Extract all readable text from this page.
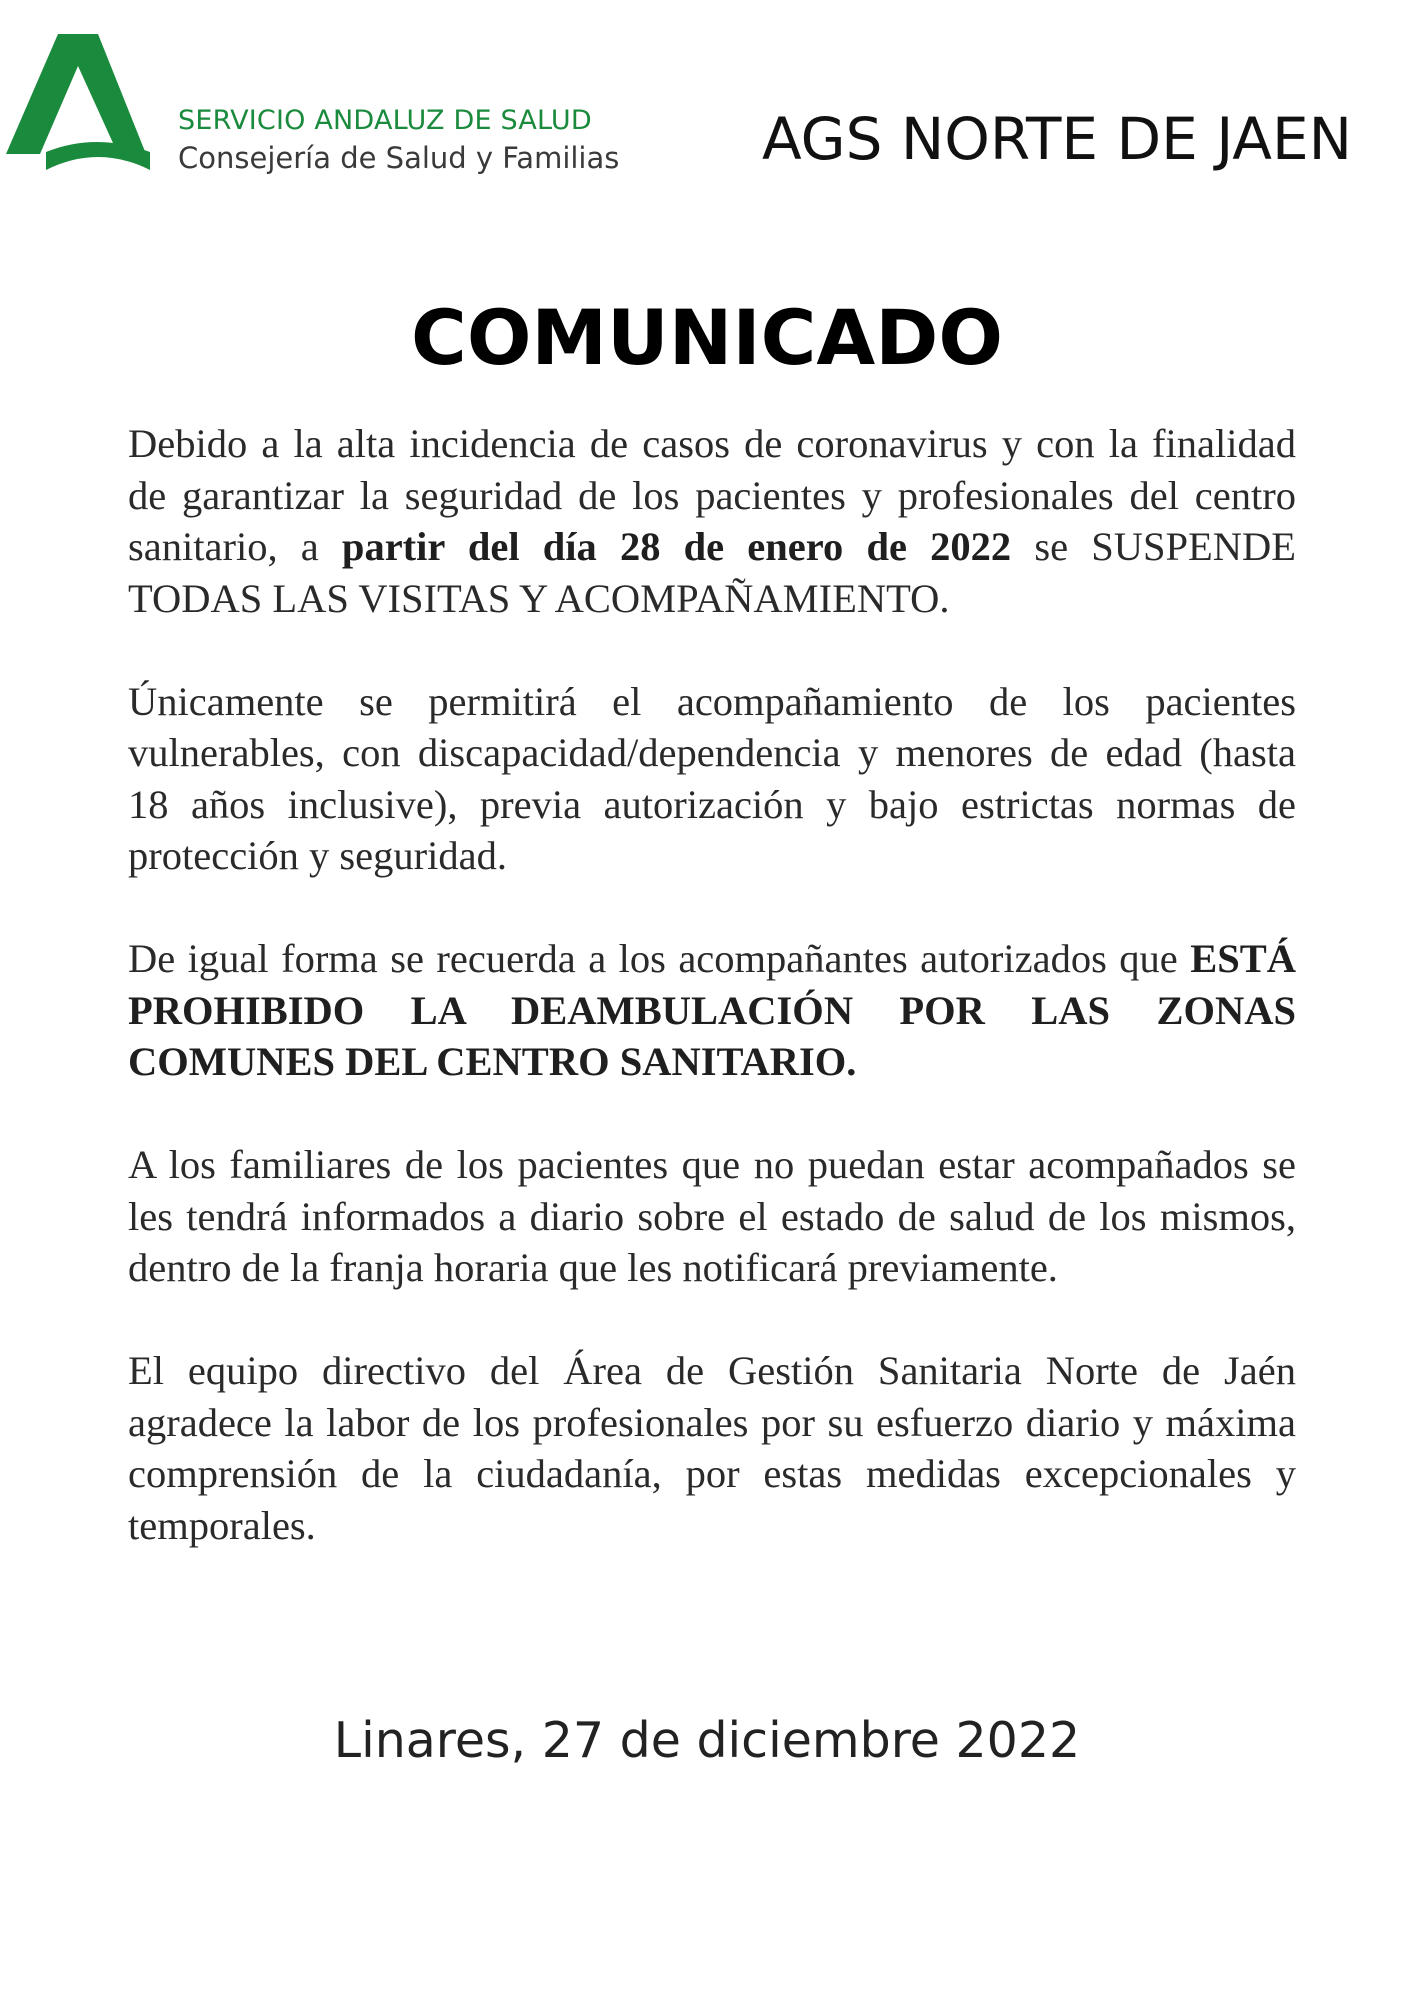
SERVICIO ANDALUZ DE SALUD
Consejería de Salud y Familias AGS NORTE DE JAEN
COMUNICADO

Debido a la alta incidencia de casos de coronavirus y con la finalidad de garantizar la seguridad de los pacientes y profesionales del centro sanitario, a partir del día 28 de enero de 2022 se SUSPENDE TODAS LAS VISITAS Y ACOMPAÑAMIENTO.

Únicamente se permitirá el acompañamiento de los pacientes vulnerables, con discapacidad/dependencia y menores de edad (hasta 18 años inclusive), previa autorización y bajo estrictas normas de protección y seguridad.

De igual forma se recuerda a los acompañantes autorizados que ESTÁ PROHIBIDO LA DEAMBULACIÓN POR LAS ZONAS COMUNES DEL CENTRO SANITARIO.

A los familiares de los pacientes que no puedan estar acompañados se les tendrá informados a diario sobre el estado de salud de los mismos, dentro de la franja horaria que les notificará previamente.

El equipo directivo del Área de Gestión Sanitaria Norte de Jaén agradece la labor de los profesionales por su esfuerzo diario y máxima comprensión de la ciudadanía, por estas medidas excepcionales y temporales.

Linares, 27 de diciembre 2022
